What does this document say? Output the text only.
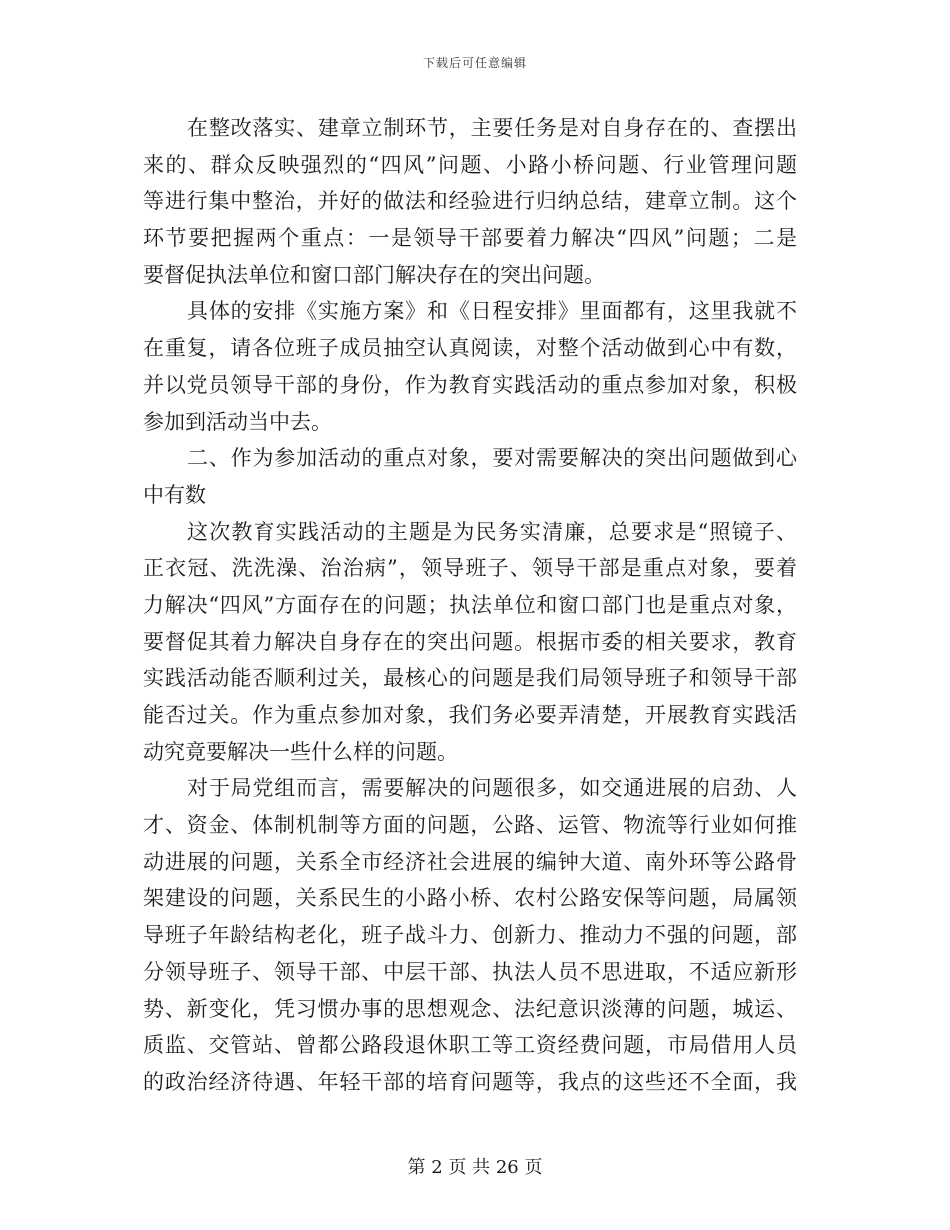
下载后可任意编辑
在整改落实、建章立制环节，主要任务是对自身存在的、查摆出
来的、群众反映强烈的“四风”问题、小路小桥问题、行业管理问题
等进行集中整治，并好的做法和经验进行归纳总结，建章立制。这个
环节要把握两个重点：一是领导干部要着力解决“四风”问题；二是
要督促执法单位和窗口部门解决存在的突出问题。
具体的安排《实施方案》和《日程安排》里面都有，这里我就不
在重复，请各位班子成员抽空认真阅读，对整个活动做到心中有数，
并以党员领导干部的身份，作为教育实践活动的重点参加对象，积极
参加到活动当中去。
二、作为参加活动的重点对象，要对需要解决的突出问题做到心
中有数
这次教育实践活动的主题是为民务实清廉，总要求是“照镜子、
正衣冠、洗洗澡、治治病”，领导班子、领导干部是重点对象，要着
力解决“四风”方面存在的问题；执法单位和窗口部门也是重点对象，
要督促其着力解决自身存在的突出问题。根据市委的相关要求，教育
实践活动能否顺利过关，最核心的问题是我们局领导班子和领导干部
能否过关。作为重点参加对象，我们务必要弄清楚，开展教育实践活
动究竟要解决一些什么样的问题。
对于局党组而言，需要解决的问题很多，如交通进展的启劲、人
才、资金、体制机制等方面的问题，公路、运管、物流等行业如何推
动进展的问题，关系全市经济社会进展的编钟大道、南外环等公路骨
架建设的问题，关系民生的小路小桥、农村公路安保等问题，局属领
导班子年龄结构老化，班子战斗力、创新力、推动力不强的问题，部
分领导班子、领导干部、中层干部、执法人员不思进取，不适应新形
势、新变化，凭习惯办事的思想观念、法纪意识淡薄的问题，城运、
质监、交管站、曾都公路段退休职工等工资经费问题，市局借用人员
的政治经济待遇、年轻干部的培育问题等，我点的这些还不全面，我
第 2 页 共 26 页
